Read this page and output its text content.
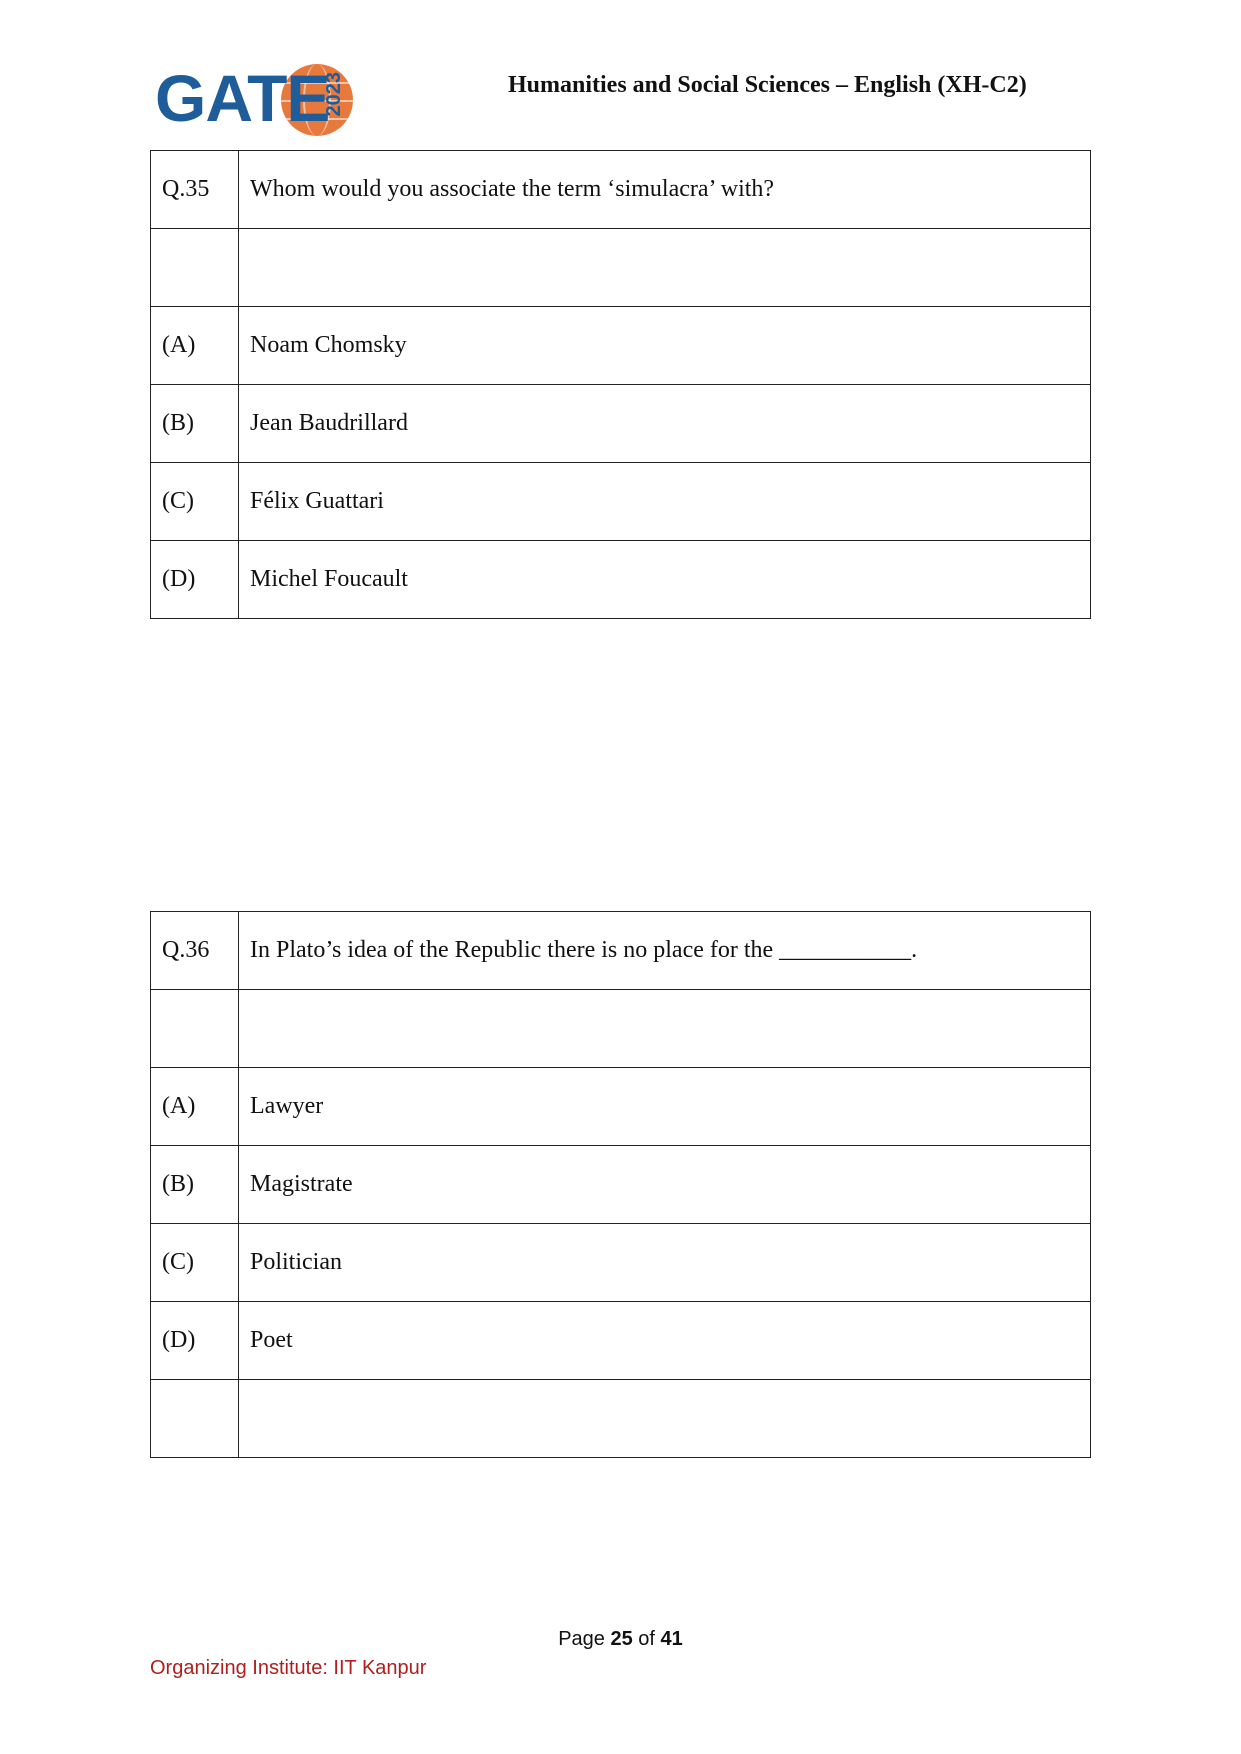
GATE
2023	Humanities and Social Sciences – English (XH-C2)
Q.35	Whom would you associate the term ‘simulacra’ with?

(A)	Noam Chomsky
(B)	Jean Baudrillard
(C)	Félix Guattari
(D)	Michel Foucault
Q.36	In Plato’s idea of the Republic there is no place for the ___________.

(A)	Lawyer
(B)	Magistrate
(C)	Politician
(D)	Poet

Page 25 of 41
Organizing Institute: IIT Kanpur
